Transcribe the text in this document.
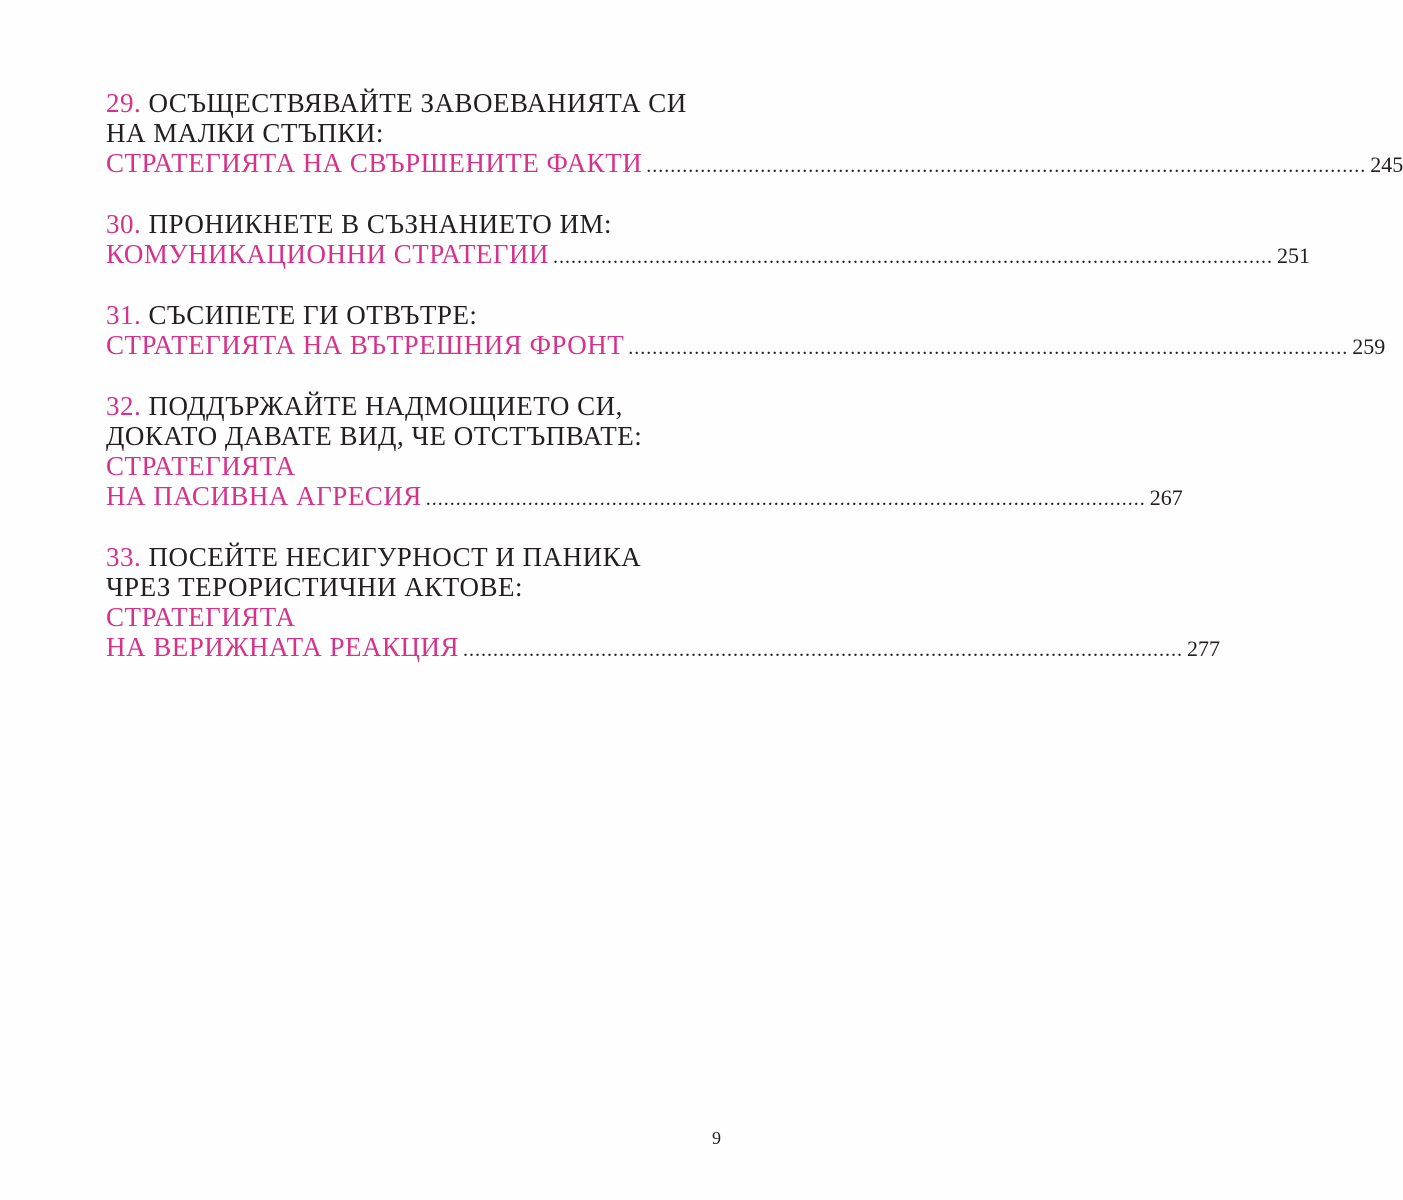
29. ОСЪЩЕСТВЯВАЙТЕ ЗАВОЕВАНИЯТА СИ
НА МАЛКИ СТЪПКИ:
СТРАТЕГИЯТА НА СВЪРШЕНИТЕ ФАКТИ ........................................................................................................................ 245
30. ПРОНИКНЕТЕ В СЪЗНАНИЕТО ИМ:
КОМУНИКАЦИОННИ СТРАТЕГИИ ........................................................................................................................ 251
31. СЪСИПЕТЕ ГИ ОТВЪТРЕ:
СТРАТЕГИЯТА НА ВЪТРЕШНИЯ ФРОНТ ........................................................................................................................ 259
32. ПОДДЪРЖАЙТЕ НАДМОЩИЕТО СИ,
ДОКАТО ДАВАТЕ ВИД, ЧЕ ОТСТЪПВАТЕ:
СТРАТЕГИЯТА
НА ПАСИВНА АГРЕСИЯ ........................................................................................................................ 267
33. ПОСЕЙТЕ НЕСИГУРНОСТ И ПАНИКА
ЧРЕЗ ТЕРОРИСТИЧНИ АКТОВЕ:
СТРАТЕГИЯТА
НА ВЕРИЖНАТА РЕАКЦИЯ ........................................................................................................................ 277
9
